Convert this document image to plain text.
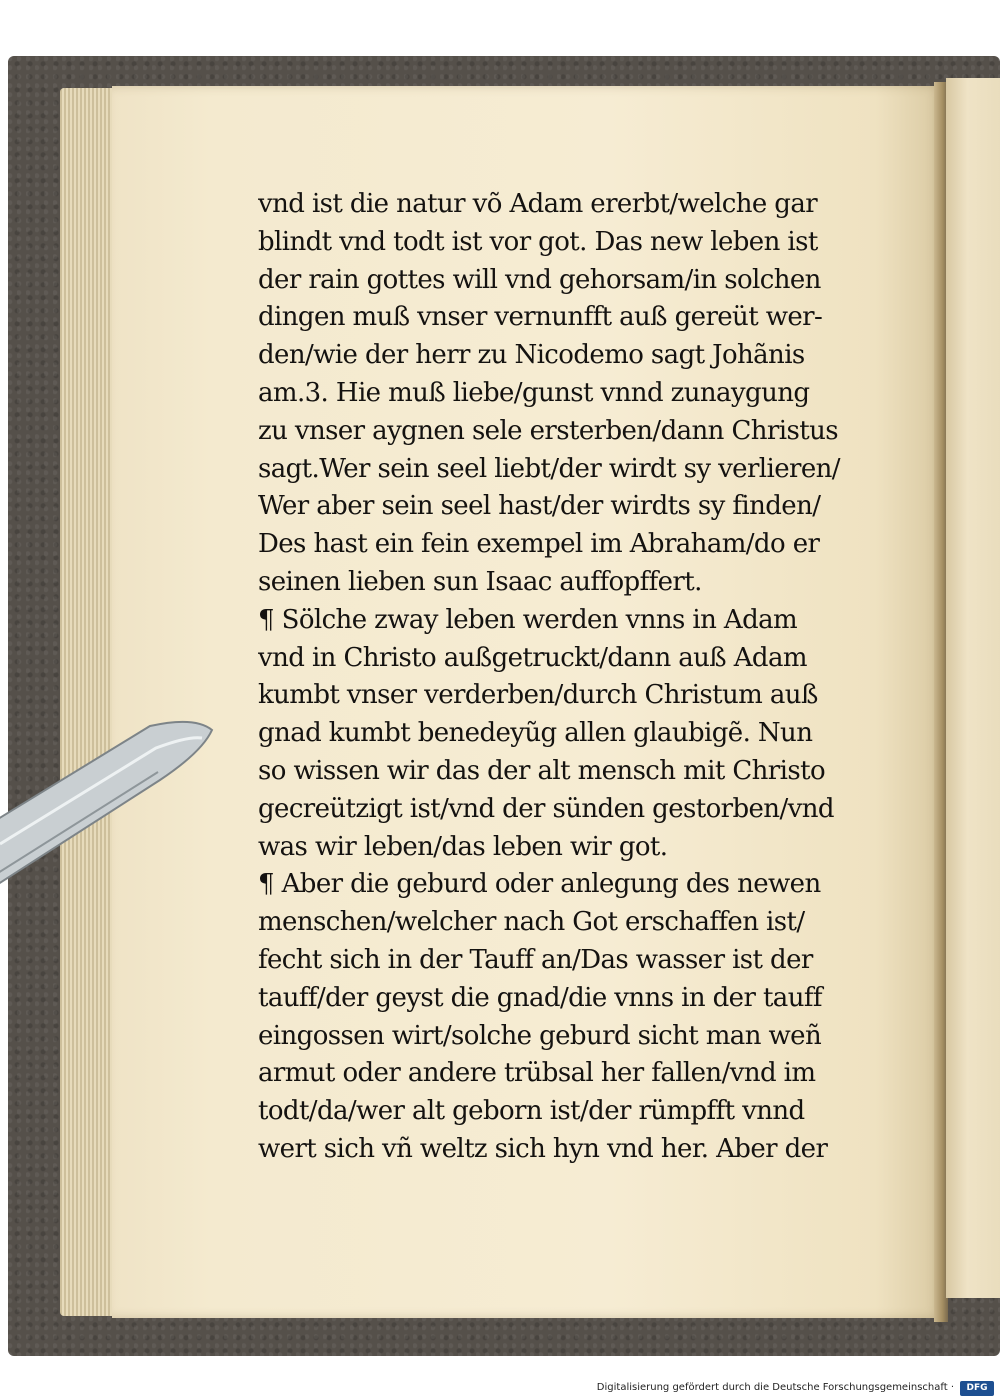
vnd ist die natur võ Adam ererbt/welche gar
blindt vnd todt ist vor got. Das new leben ist
der rain gottes will vnd gehorsam/in solchen
dingen muß vnser vernunfft auß gereüt wer-
den/wie der herr zu Nicodemo sagt Johãnis
am.3. Hie muß liebe/gunst vnnd zunaygung
zu vnser aygnen sele ersterben/dann Christus
sagt.Wer sein seel liebt/der wirdt sy verlieren/
Wer aber sein seel hast/der wirdts sy finden/
Des hast ein fein exempel im Abraham/do er
seinen lieben sun Isaac auffopffert.
¶ Sölche zway leben werden vnns in Adam
vnd in Christo außgetruckt/dann auß Adam
kumbt vnser verderben/durch Christum auß
gnad kumbt benedeyũg allen glaubigẽ. Nun
so wissen wir das der alt mensch mit Christo
gecreützigt ist/vnd der sünden gestorben/vnd
was wir leben/das leben wir got.
¶ Aber die geburd oder anlegung des newen
menschen/welcher nach Got erschaffen ist/
fecht sich in der Tauff an/Das wasser ist der
tauff/der geyst die gnad/die vnns in der tauff
eingossen wirt/solche geburd sicht man weñ
armut oder andere trübsal her fallen/vnd im
todt/da/wer alt geborn ist/der rümpfft vnnd
wert sich vñ weltz sich hyn vnd her. Aber der
Digitalisierung gefördert durch die Deutsche Forschungsgemeinschaft ·	DFG
